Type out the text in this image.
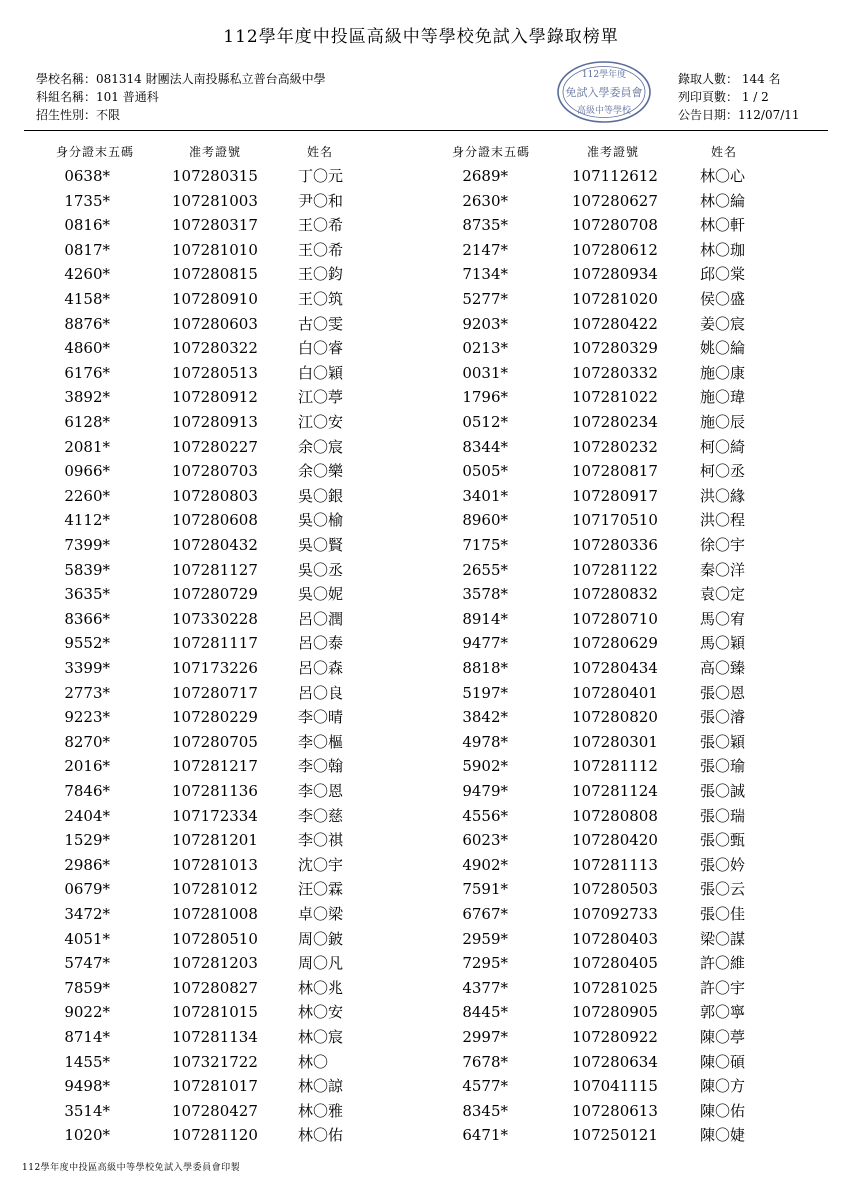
112學年度中投區高級中等學校免試入學錄取榜單
學校名稱：081314 財團法人南投縣私立普台高級中學
科組名稱：101 普通科
招生性別：不限
112學年度
免試入學委員會
高級中等學校
錄取人數： 144 名
列印頁數： 1 / 2
公告日期：112/07/11
身分證末五碼	准考證號	姓名	身分證末五碼	准考證號	姓名
0638*	107280315	丁〇元
1735*	107281003	尹〇和
0816*	107280317	王〇希
0817*	107281010	王〇希
4260*	107280815	王〇鈞
4158*	107280910	王〇筑
8876*	107280603	古〇雯
4860*	107280322	白〇睿
6176*	107280513	白〇穎
3892*	107280912	江〇葶
6128*	107280913	江〇安
2081*	107280227	余〇宸
0966*	107280703	余〇樂
2260*	107280803	吳〇銀
4112*	107280608	吳〇榆
7399*	107280432	吳〇賢
5839*	107281127	吳〇丞
3635*	107280729	吳〇妮
8366*	107330228	呂〇潤
9552*	107281117	呂〇泰
3399*	107173226	呂〇森
2773*	107280717	呂〇良
9223*	107280229	李〇晴
8270*	107280705	李〇樞
2016*	107281217	李〇翰
7846*	107281136	李〇恩
2404*	107172334	李〇慈
1529*	107281201	李〇祺
2986*	107281013	沈〇宇
0679*	107281012	汪〇霖
3472*	107281008	卓〇梁
4051*	107280510	周〇鈹
5747*	107281203	周〇凡
7859*	107280827	林〇兆
9022*	107281015	林〇安
8714*	107281134	林〇宸
1455*	107321722	林〇
9498*	107281017	林〇諒
3514*	107280427	林〇雅
1020*	107281120	林〇佑
2689*	107112612	林〇心
2630*	107280627	林〇綸
8735*	107280708	林〇軒
2147*	107280612	林〇珈
7134*	107280934	邱〇棠
5277*	107281020	侯〇盛
9203*	107280422	姜〇宸
0213*	107280329	姚〇綸
0031*	107280332	施〇康
1796*	107281022	施〇瑋
0512*	107280234	施〇辰
8344*	107280232	柯〇綺
0505*	107280817	柯〇丞
3401*	107280917	洪〇緣
8960*	107170510	洪〇程
7175*	107280336	徐〇宇
2655*	107281122	秦〇洋
3578*	107280832	袁〇定
8914*	107280710	馬〇宥
9477*	107280629	馬〇穎
8818*	107280434	高〇臻
5197*	107280401	張〇恩
3842*	107280820	張〇濬
4978*	107280301	張〇穎
5902*	107281112	張〇瑜
9479*	107281124	張〇誠
4556*	107280808	張〇瑞
6023*	107280420	張〇甄
4902*	107281113	張〇妗
7591*	107280503	張〇云
6767*	107092733	張〇佳
2959*	107280403	梁〇謀
7295*	107280405	許〇維
4377*	107281025	許〇宇
8445*	107280905	郭〇寧
2997*	107280922	陳〇葶
7678*	107280634	陳〇碩
4577*	107041115	陳〇方
8345*	107280613	陳〇佑
6471*	107250121	陳〇婕
112學年度中投區高級中等學校免試入學委員會印製
